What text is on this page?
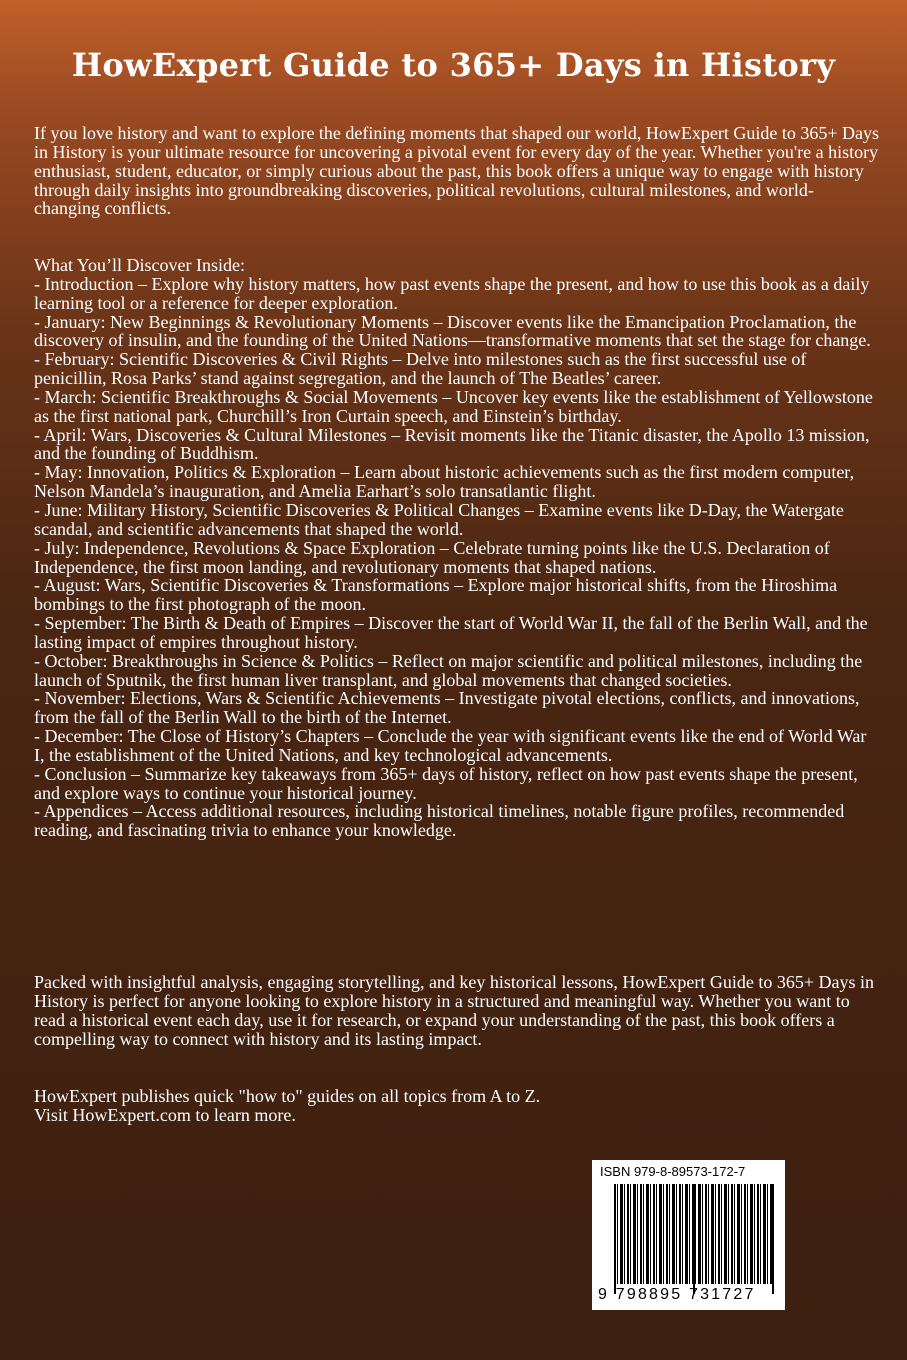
HowExpert Guide to 365+ Days in History

If you love history and want to explore the defining moments that shaped our world, HowExpert Guide to 365+ Days in History is your ultimate resource for uncovering a pivotal event for every day of the year. Whether you're a history enthusiast, student, educator, or simply curious about the past, this book offers a unique way to engage with history through daily insights into groundbreaking discoveries, political revolutions, cultural milestones, and world-changing conflicts.

What You’ll Discover Inside:

- Introduction – Explore why history matters, how past events shape the present, and how to use this book as a daily learning tool or a reference for deeper exploration.

- January: New Beginnings & Revolutionary Moments – Discover events like the Emancipation Proclamation, the discovery of insulin, and the founding of the United Nations—transformative moments that set the stage for change.

- February: Scientific Discoveries & Civil Rights – Delve into milestones such as the first successful use of penicillin, Rosa Parks’ stand against segregation, and the launch of The Beatles’ career.

- March: Scientific Breakthroughs & Social Movements – Uncover key events like the establishment of Yellowstone as the first national park, Churchill’s Iron Curtain speech, and Einstein’s birthday.

- April: Wars, Discoveries & Cultural Milestones – Revisit moments like the Titanic disaster, the Apollo 13 mission, and the founding of Buddhism.

- May: Innovation, Politics & Exploration – Learn about historic achievements such as the first modern computer, Nelson Mandela’s inauguration, and Amelia Earhart’s solo transatlantic flight.

- June: Military History, Scientific Discoveries & Political Changes – Examine events like D-Day, the Watergate scandal, and scientific advancements that shaped the world.

- July: Independence, Revolutions & Space Exploration – Celebrate turning points like the U.S. Declaration of Independence, the first moon landing, and revolutionary moments that shaped nations.

- August: Wars, Scientific Discoveries & Transformations – Explore major historical shifts, from the Hiroshima bombings to the first photograph of the moon.

- September: The Birth & Death of Empires – Discover the start of World War II, the fall of the Berlin Wall, and the lasting impact of empires throughout history.

- October: Breakthroughs in Science & Politics – Reflect on major scientific and political milestones, including the launch of Sputnik, the first human liver transplant, and global movements that changed societies.

- November: Elections, Wars & Scientific Achievements – Investigate pivotal elections, conflicts, and innovations, from the fall of the Berlin Wall to the birth of the Internet.

- December: The Close of History’s Chapters – Conclude the year with significant events like the end of World War I, the establishment of the United Nations, and key technological advancements.

- Conclusion – Summarize key takeaways from 365+ days of history, reflect on how past events shape the present, and explore ways to continue your historical journey.

- Appendices – Access additional resources, including historical timelines, notable figure profiles, recommended reading, and fascinating trivia to enhance your knowledge.

Packed with insightful analysis, engaging storytelling, and key historical lessons, HowExpert Guide to 365+ Days in History is perfect for anyone looking to explore history in a structured and meaningful way. Whether you want to read a historical event each day, use it for research, or expand your understanding of the past, this book offers a compelling way to connect with history and its lasting impact.

HowExpert publishes quick "how to" guides on all topics from A to Z.

Visit HowExpert.com to learn more.

ISBN 979-8-89573-172-7
9 798895 731727
